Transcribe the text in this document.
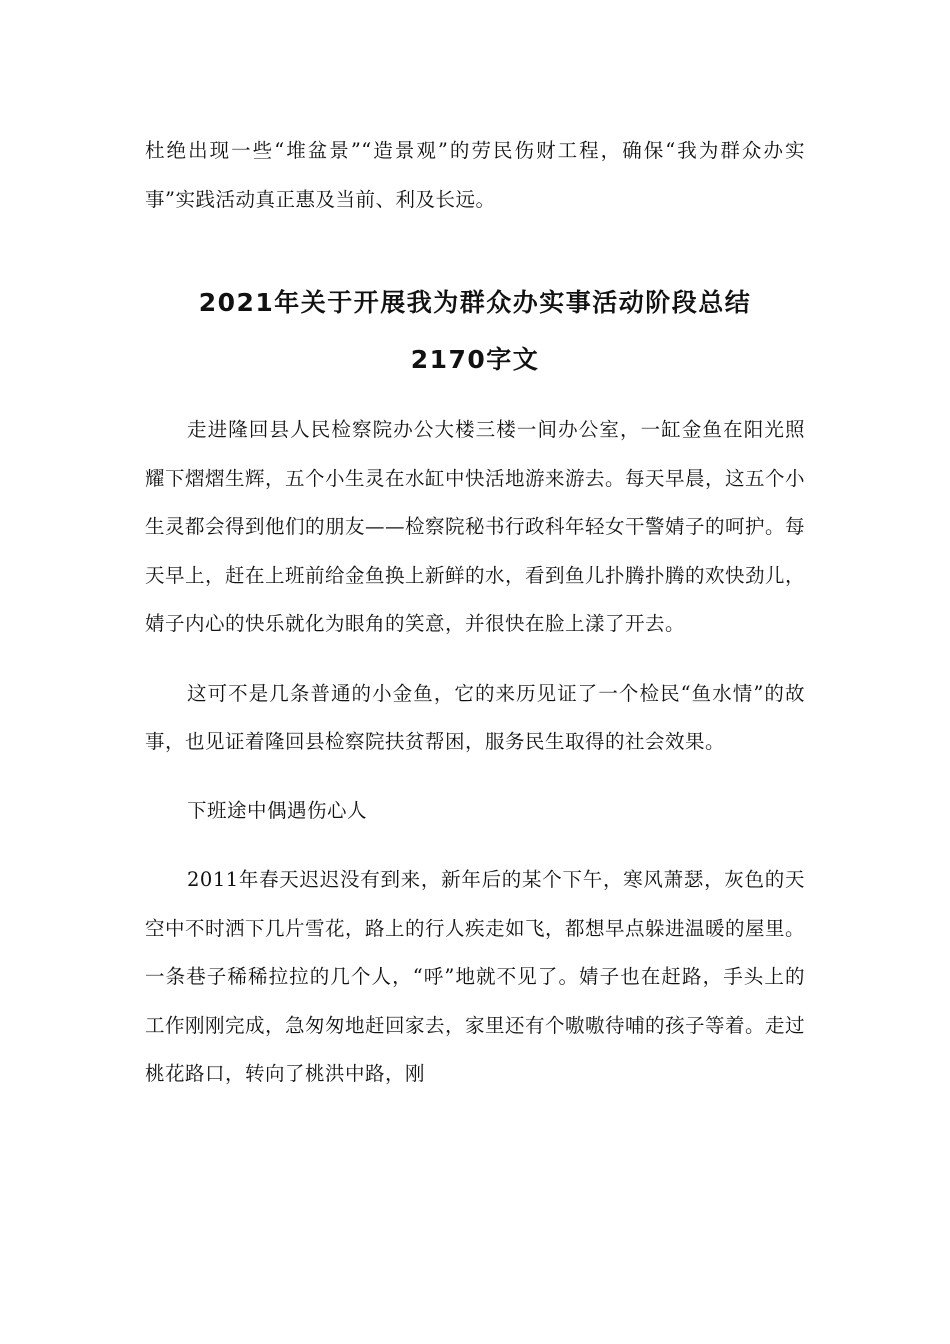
杜绝出现一些“堆盆景”“造景观”的劳民伤财工程，确保“我为群众办实事”实践活动真正惠及当前、利及长远。

2021年关于开展我为群众办实事活动阶段总结
2170字文

走进隆回县人民检察院办公大楼三楼一间办公室，一缸金鱼在阳光照耀下熠熠生辉，五个小生灵在水缸中快活地游来游去。每天早晨，这五个小生灵都会得到他们的朋友——检察院秘书行政科年轻女干警婧子的呵护。每天早上，赶在上班前给金鱼换上新鲜的水，看到鱼儿扑腾扑腾的欢快劲儿，婧子内心的快乐就化为眼角的笑意，并很快在脸上漾了开去。

这可不是几条普通的小金鱼，它的来历见证了一个检民“鱼水情”的故事，也见证着隆回县检察院扶贫帮困，服务民生取得的社会效果。

下班途中偶遇伤心人

2011年春天迟迟没有到来，新年后的某个下午，寒风萧瑟，灰色的天空中不时洒下几片雪花，路上的行人疾走如飞，都想早点躲进温暖的屋里。一条巷子稀稀拉拉的几个人，“呼”地就不见了。婧子也在赶路，手头上的工作刚刚完成，急匆匆地赶回家去，家里还有个嗷嗷待哺的孩子等着。走过桃花路口，转向了桃洪中路，刚
